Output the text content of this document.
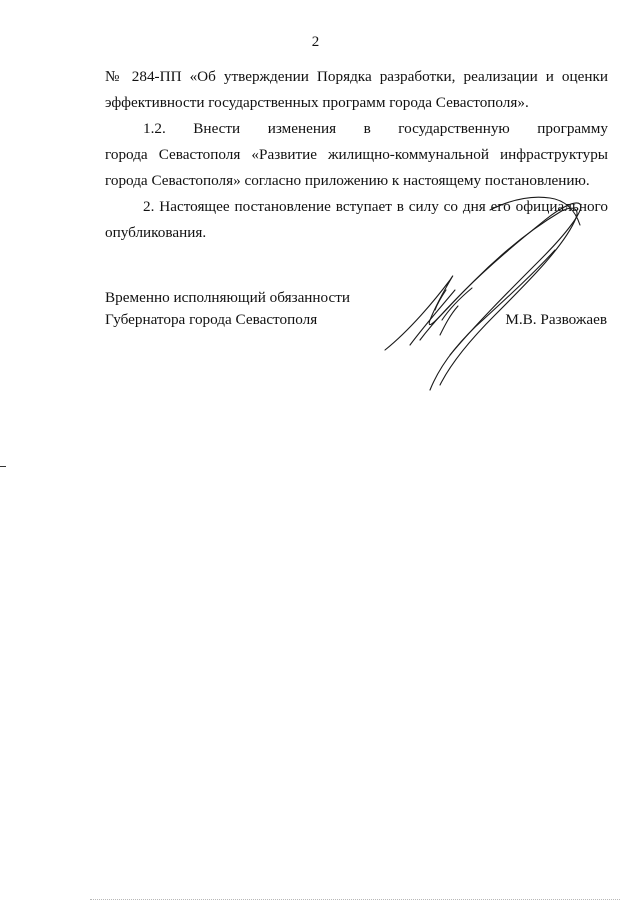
2
№ 284-ПП «Об утверждении Порядка разработки, реализации и оценки
эффективности государственных программ города Севастополя».
1.2. Внести изменения в государственную программу
города Севастополя «Развитие жилищно-коммунальной инфраструктуры
города Севастополя» согласно приложению к настоящему постановлению.
2. Настоящее постановление вступает в силу со дня его официального
опубликования.
Временно исполняющий обязанности
Губернатора города Севастополя	М.В. Развожаев
